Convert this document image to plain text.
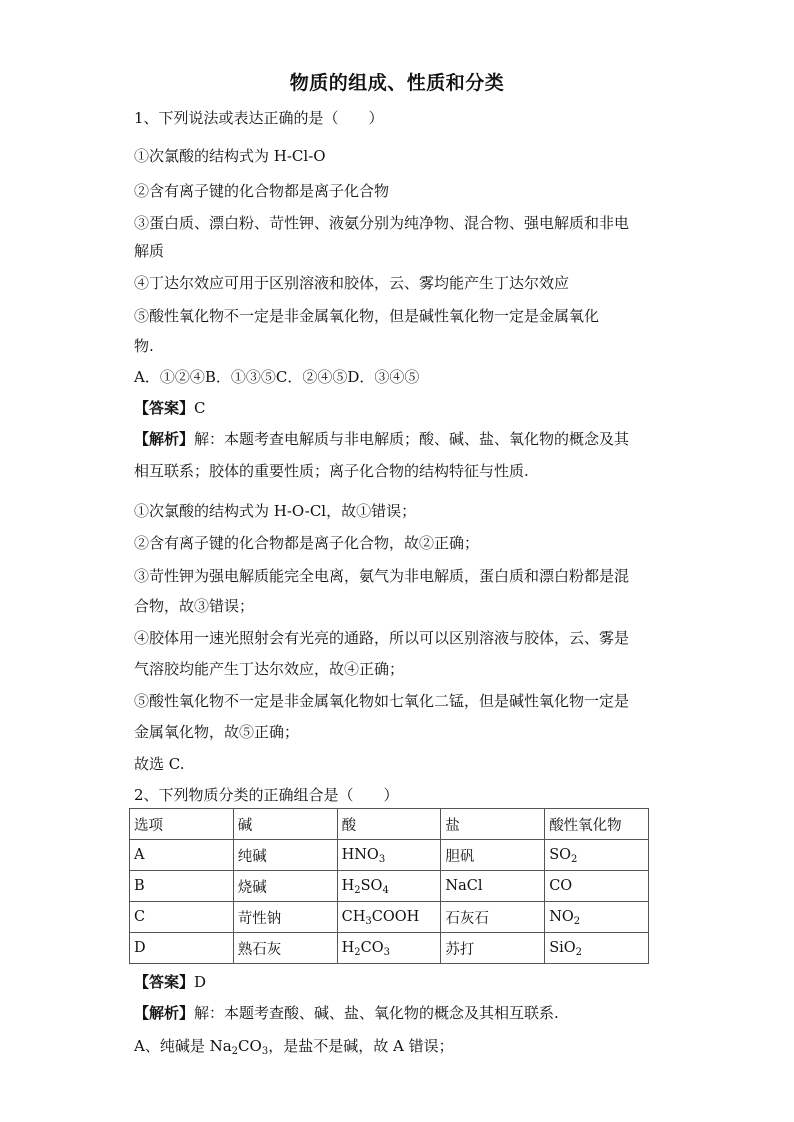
物质的组成、性质和分类
1、下列说法或表达正确的是（　　）
①次氯酸的结构式为 H-Cl-O
②含有离子键的化合物都是离子化合物
③蛋白质、漂白粉、苛性钾、液氨分别为纯净物、混合物、强电解质和非电
解质
④丁达尔效应可用于区别溶液和胶体，云、雾均能产生丁达尔效应
⑤酸性氧化物不一定是非金属氧化物，但是碱性氧化物一定是金属氧化
物.
A．①②④B．①③⑤C．②④⑤D．③④⑤
【答案】C
【解析】解：本题考查电解质与非电解质；酸、碱、盐、氧化物的概念及其
相互联系；胶体的重要性质；离子化合物的结构特征与性质.
①次氯酸的结构式为 H-O-Cl，故①错误；
②含有离子键的化合物都是离子化合物，故②正确；
③苛性钾为强电解质能完全电离，氨气为非电解质，蛋白质和漂白粉都是混
合物，故③错误；
④胶体用一速光照射会有光亮的通路，所以可以区别溶液与胶体，云、雾是
气溶胶均能产生丁达尔效应，故④正确；
⑤酸性氧化物不一定是非金属氧化物如七氧化二锰，但是碱性氧化物一定是
金属氧化物，故⑤正确；
故选 C.
2、下列物质分类的正确组合是（　　）
选项	碱	酸	盐	酸性氧化物
A	纯碱	$HNO_3$	胆矾	$SO_2$
B	烧碱	$H_2SO_4$	NaCl	CO
C	苛性钠	$CH_3COOH$	石灰石	$NO_2$
D	熟石灰	$H_2CO_3$	苏打	SiO$_2$
【答案】D
【解析】解：本题考查酸、碱、盐、氧化物的概念及其相互联系.
A、纯碱是 $Na_2CO_3$，是盐不是碱，故 A 错误；
